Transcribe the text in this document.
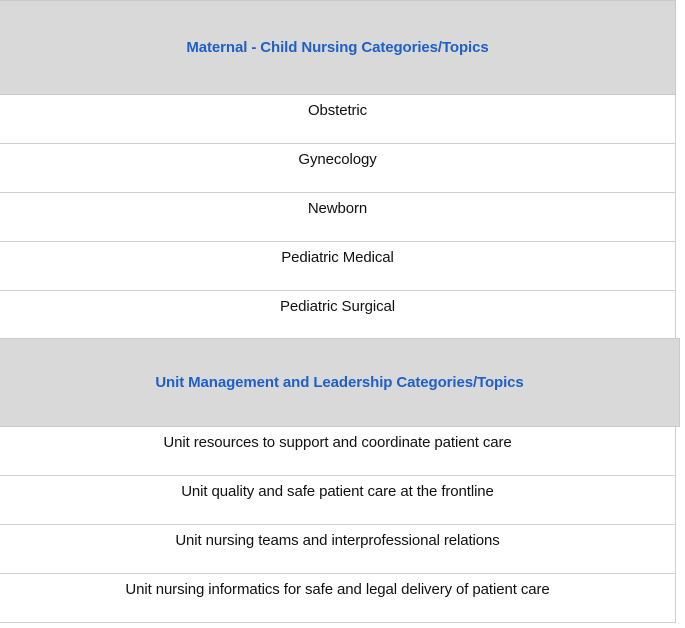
Maternal - Child Nursing Categories/Topics
Obstetric
Gynecology
Newborn
Pediatric Medical
Pediatric Surgical
Unit Management and Leadership Categories/Topics
Unit resources to support and coordinate patient care
Unit quality and safe patient care at the frontline
Unit nursing teams and interprofessional relations
Unit nursing informatics for safe and legal delivery of patient care
